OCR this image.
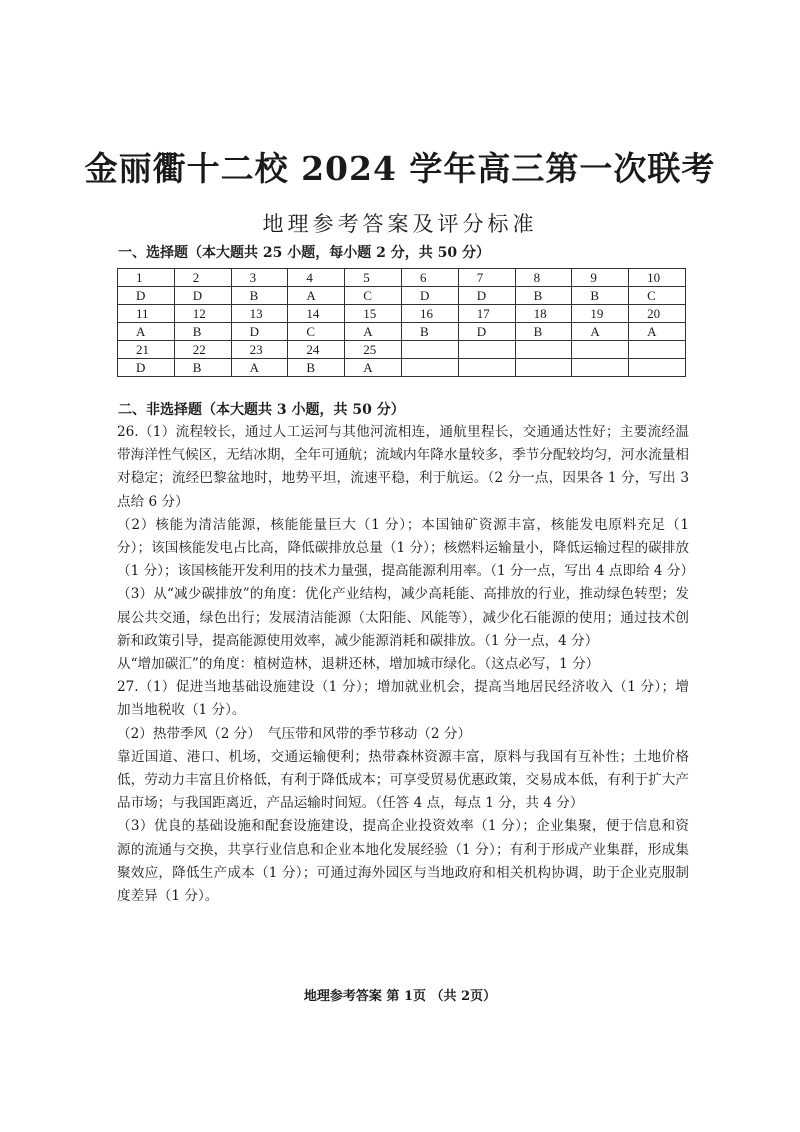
金丽衢十二校 2024 学年高三第一次联考
地理参考答案及评分标准
一、选择题（本大题共 25 小题，每小题 2 分，共 50 分）
1	2	3	4	5	6	7	8	9	10
D	D	B	A	C	D	D	B	B	C
11	12	13	14	15	16	17	18	19	20
A	B	D	C	A	B	D	B	A	A
21	22	23	24	25					
D	B	A	B	A					
二、非选择题（本大题共 3 小题，共 50 分）

26.（1）流程较长，通过人工运河与其他河流相连，通航里程长，交通通达性好；主要流经温带海洋性气候区，无结冰期，全年可通航；流域内年降水量较多，季节分配较均匀，河水流量相对稳定；流经巴黎盆地时，地势平坦，流速平稳，利于航运。（2 分一点，因果各 1 分，写出 3 点给 6 分）

（2）核能为清洁能源，核能能量巨大（1 分）；本国铀矿资源丰富，核能发电原料充足（1 分）；该国核能发电占比高，降低碳排放总量（1 分）；核燃料运输量小，降低运输过程的碳排放（1 分）；该国核能开发利用的技术力量强，提高能源利用率。（1 分一点，写出 4 点即给 4 分）

（3）从“减少碳排放”的角度：优化产业结构，减少高耗能、高排放的行业，推动绿色转型；发展公共交通，绿色出行；发展清洁能源（太阳能、风能等），减少化石能源的使用；通过技术创新和政策引导，提高能源使用效率，减少能源消耗和碳排放。（1 分一点，4 分）

从“增加碳汇”的角度：植树造林，退耕还林，增加城市绿化。（这点必写，1 分）

27.（1）促进当地基础设施建设（1 分）；增加就业机会，提高当地居民经济收入（1 分）；增加当地税收（1 分）。

（2）热带季风（2 分）　气压带和风带的季节移动（2 分）

靠近国道、港口、机场，交通运输便利；热带森林资源丰富，原料与我国有互补性；土地价格低，劳动力丰富且价格低，有利于降低成本；可享受贸易优惠政策，交易成本低，有利于扩大产品市场；与我国距离近，产品运输时间短。（任答 4 点，每点 1 分，共 4 分）

（3）优良的基础设施和配套设施建设，提高企业投资效率（1 分）；企业集聚，便于信息和资源的流通与交换，共享行业信息和企业本地化发展经验（1 分）；有利于形成产业集群，形成集聚效应，降低生产成本（1 分）；可通过海外园区与当地政府和相关机构协调，助于企业克服制度差异（1 分）。

地理参考答案 第 1页 （共 2页）
